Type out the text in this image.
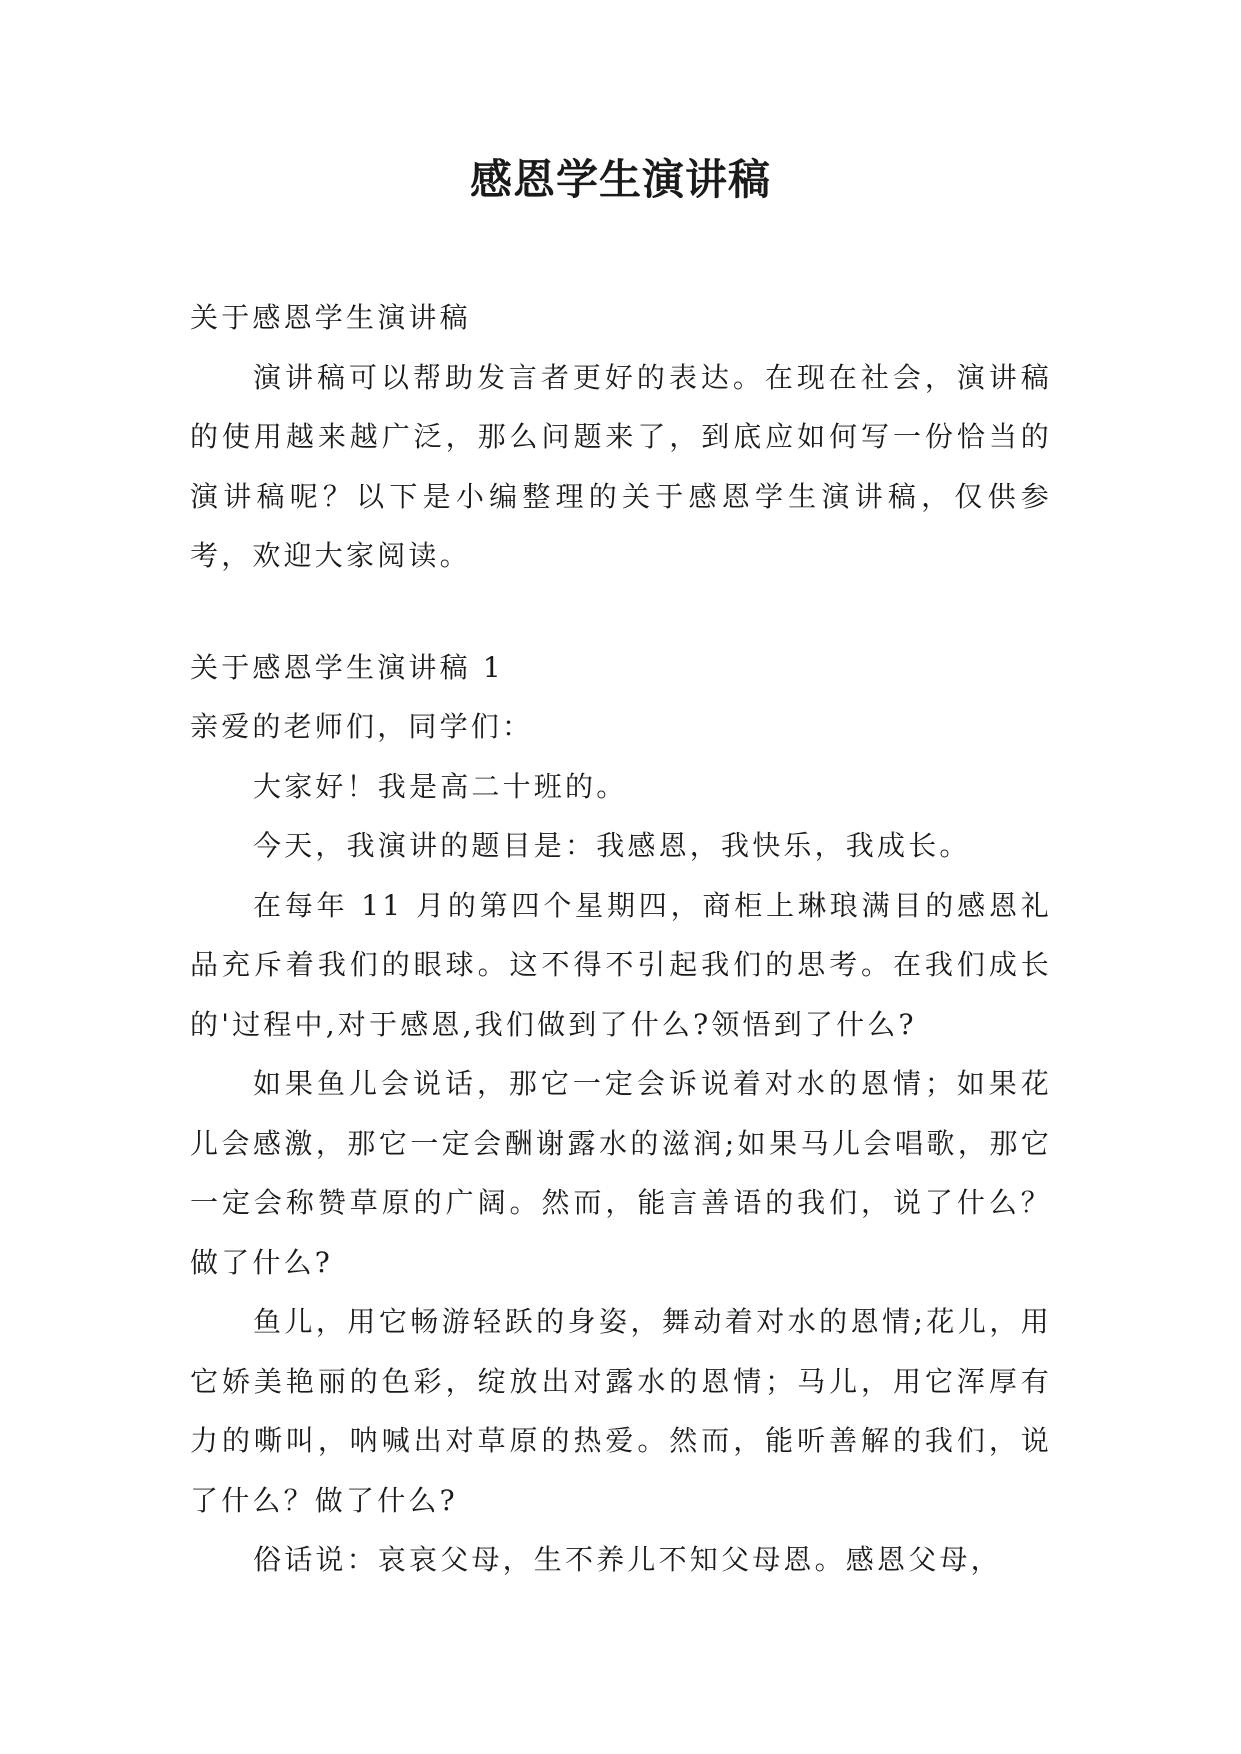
感恩学生演讲稿

关于感恩学生演讲稿

演讲稿可以帮助发言者更好的表达。在现在社会，演讲稿的使用越来越广泛，那么问题来了，到底应如何写一份恰当的演讲稿呢？以下是小编整理的关于感恩学生演讲稿，仅供参考，欢迎大家阅读。

关于感恩学生演讲稿 1

亲爱的老师们，同学们：

大家好！我是高二十班的。

今天，我演讲的题目是：我感恩，我快乐，我成长。

在每年 11 月的第四个星期四，商柜上琳琅满目的感恩礼品充斥着我们的眼球。这不得不引起我们的思考。在我们成长的'过程中,对于感恩,我们做到了什么?领悟到了什么?

如果鱼儿会说话，那它一定会诉说着对水的恩情；如果花儿会感激，那它一定会酬谢露水的滋润;如果马儿会唱歌，那它一定会称赞草原的广阔。然而，能言善语的我们，说了什么？做了什么?

鱼儿，用它畅游轻跃的身姿，舞动着对水的恩情;花儿，用它娇美艳丽的色彩，绽放出对露水的恩情；马儿，用它浑厚有力的嘶叫，呐喊出对草原的热爱。然而，能听善解的我们，说了什么？做了什么?

俗话说：哀哀父母，生不养儿不知父母恩。感恩父母，
